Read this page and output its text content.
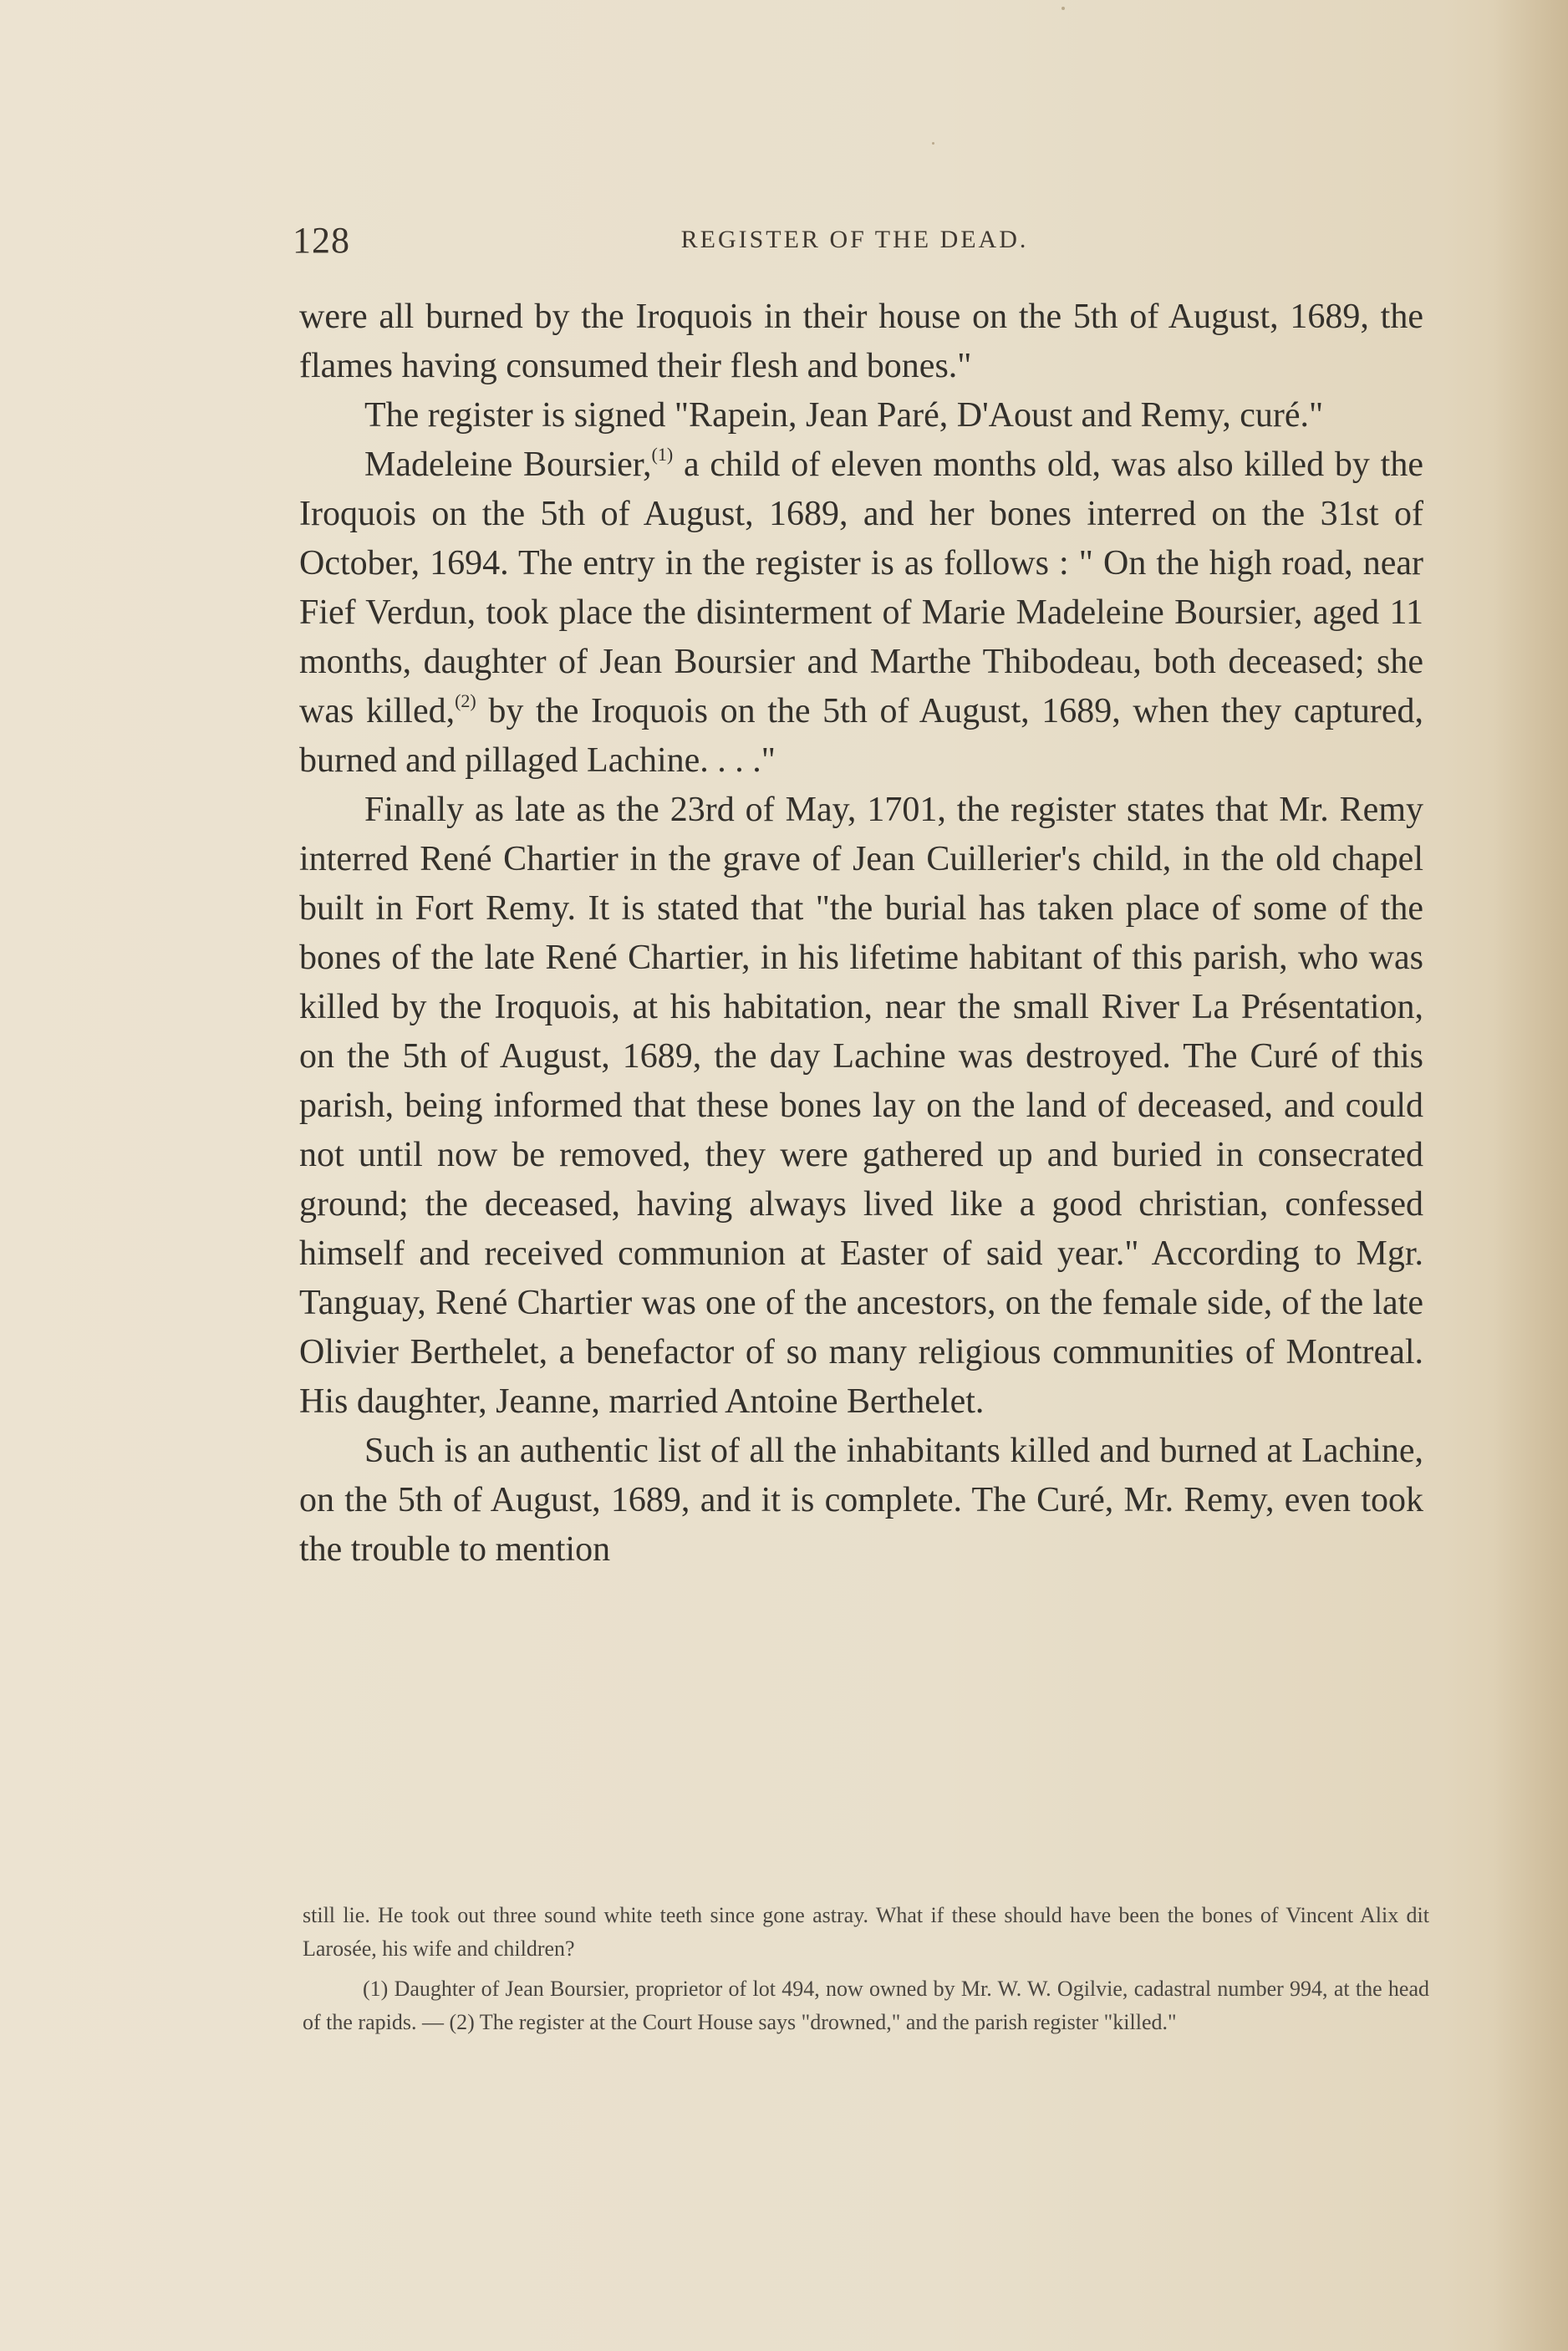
128	REGISTER OF THE DEAD.

were all burned by the Iroquois in their house on the 5th of August, 1689, the flames having consumed their flesh and bones."

The register is signed "Rapein, Jean Paré, D'Aoust and Remy, curé."

Madeleine Boursier,$^{(1)}$ a child of eleven months old, was also killed by the Iroquois on the 5th of August, 1689, and her bones interred on the 31st of October, 1694. The entry in the register is as follows : " On the high road, near Fief Verdun, took place the disinterment of Marie Madeleine Boursier, aged 11 months, daughter of Jean Boursier and Marthe Thibodeau, both deceased; she was killed,$^{(2)}$ by the Iroquois on the 5th of August, 1689, when they captured, burned and pillaged Lachine. . . ."

Finally as late as the 23rd of May, 1701, the register states that Mr. Remy interred René Chartier in the grave of Jean Cuillerier's child, in the old chapel built in Fort Remy. It is stated that "the burial has taken place of some of the bones of the late René Chartier, in his lifetime habitant of this parish, who was killed by the Iroquois, at his habitation, near the small River La Présentation, on the 5th of August, 1689, the day Lachine was destroyed. The Curé of this parish, being informed that these bones lay on the land of deceased, and could not until now be removed, they were gathered up and buried in consecrated ground; the deceased, having always lived like a good christian, confessed himself and received communion at Easter of said year." According to Mgr. Tanguay, René Chartier was one of the ancestors, on the female side, of the late Olivier Berthelet, a benefactor of so many religious communities of Montreal. His daughter, Jeanne, married Antoine Berthelet.

Such is an authentic list of all the inhabitants killed and burned at Lachine, on the 5th of August, 1689, and it is complete. The Curé, Mr. Remy, even took the trouble to mention

still lie. He took out three sound white teeth since gone astray. What if these should have been the bones of Vincent Alix dit Larosée, his wife and children?

(1) Daughter of Jean Boursier, proprietor of lot 494, now owned by Mr. W. W. Ogilvie, cadastral number 994, at the head of the rapids. — (2) The register at the Court House says "drowned," and the parish register "killed."
